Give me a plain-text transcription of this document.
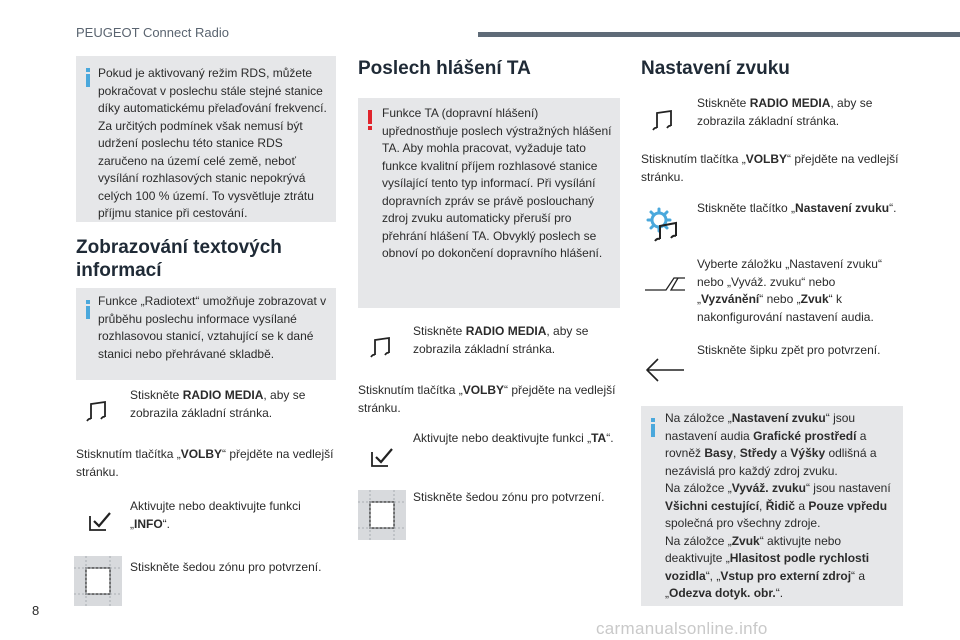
PEUGEOT Connect Radio
Pokud je aktivovaný režim RDS, můžete pokračovat v poslechu stále stejné stanice díky automatickému přelaďování frekvencí. Za určitých podmínek však nemusí být udržení poslechu této stanice RDS zaručeno na území celé země, neboť vysílání rozhlasových stanic nepokrývá celých 100 % území. To vysvětluje ztrátu příjmu stanice při cestování.
Zobrazování textových informací
Funkce „Radiotext“ umožňuje zobrazovat v průběhu poslechu informace vysílané rozhlasovou stanicí, vztahující se k dané stanici nebo přehrávané skladbě.
Stiskněte RADIO MEDIA, aby se zobrazila základní stránka.
Stisknutím tlačítka „VOLBY“ přejděte na vedlejší stránku.
Aktivujte nebo deaktivujte funkci „INFO“.
Stiskněte šedou zónu pro potvrzení.
Poslech hlášení TA
Funkce TA (dopravní hlášení) upřednostňuje poslech výstražných hlášení TA. Aby mohla pracovat, vyžaduje tato funkce kvalitní příjem rozhlasové stanice vysílající tento typ informací. Při vysílání dopravních zpráv se právě poslouchaný zdroj zvuku automaticky přeruší pro přehrání hlášení TA. Obvyklý poslech se obnoví po dokončení dopravního hlášení.
Stiskněte RADIO MEDIA, aby se zobrazila základní stránka.
Stisknutím tlačítka „VOLBY“ přejděte na vedlejší stránku.
Aktivujte nebo deaktivujte funkci „TA“.
Stiskněte šedou zónu pro potvrzení.
Nastavení zvuku
Stiskněte RADIO MEDIA, aby se zobrazila základní stránka.
Stisknutím tlačítka „VOLBY“ přejděte na vedlejší stránku.
Stiskněte tlačítko „Nastavení zvuku“.
Vyberte záložku „Nastavení zvuku“ nebo „Vyváž. zvuku“ nebo „Vyzvánění“ nebo „Zvuk“ k nakonfigurování nastavení audia.
Stiskněte šipku zpět pro potvrzení.
Na záložce „Nastavení zvuku“ jsou nastavení audia Grafické prostředí a rovněž Basy, Středy a Výšky odlišná a nezávislá pro každý zdroj zvuku.
Na záložce „Vyváž. zvuku“ jsou nastavení Všichni cestující, Řidič a Pouze vpředu společná pro všechny zdroje.
Na záložce „Zvuk“ aktivujte nebo deaktivujte „Hlasitost podle rychlosti vozidla“, „Vstup pro externí zdroj“ a „Odezva dotyk. obr.“.
8
carmanualsonline.info
